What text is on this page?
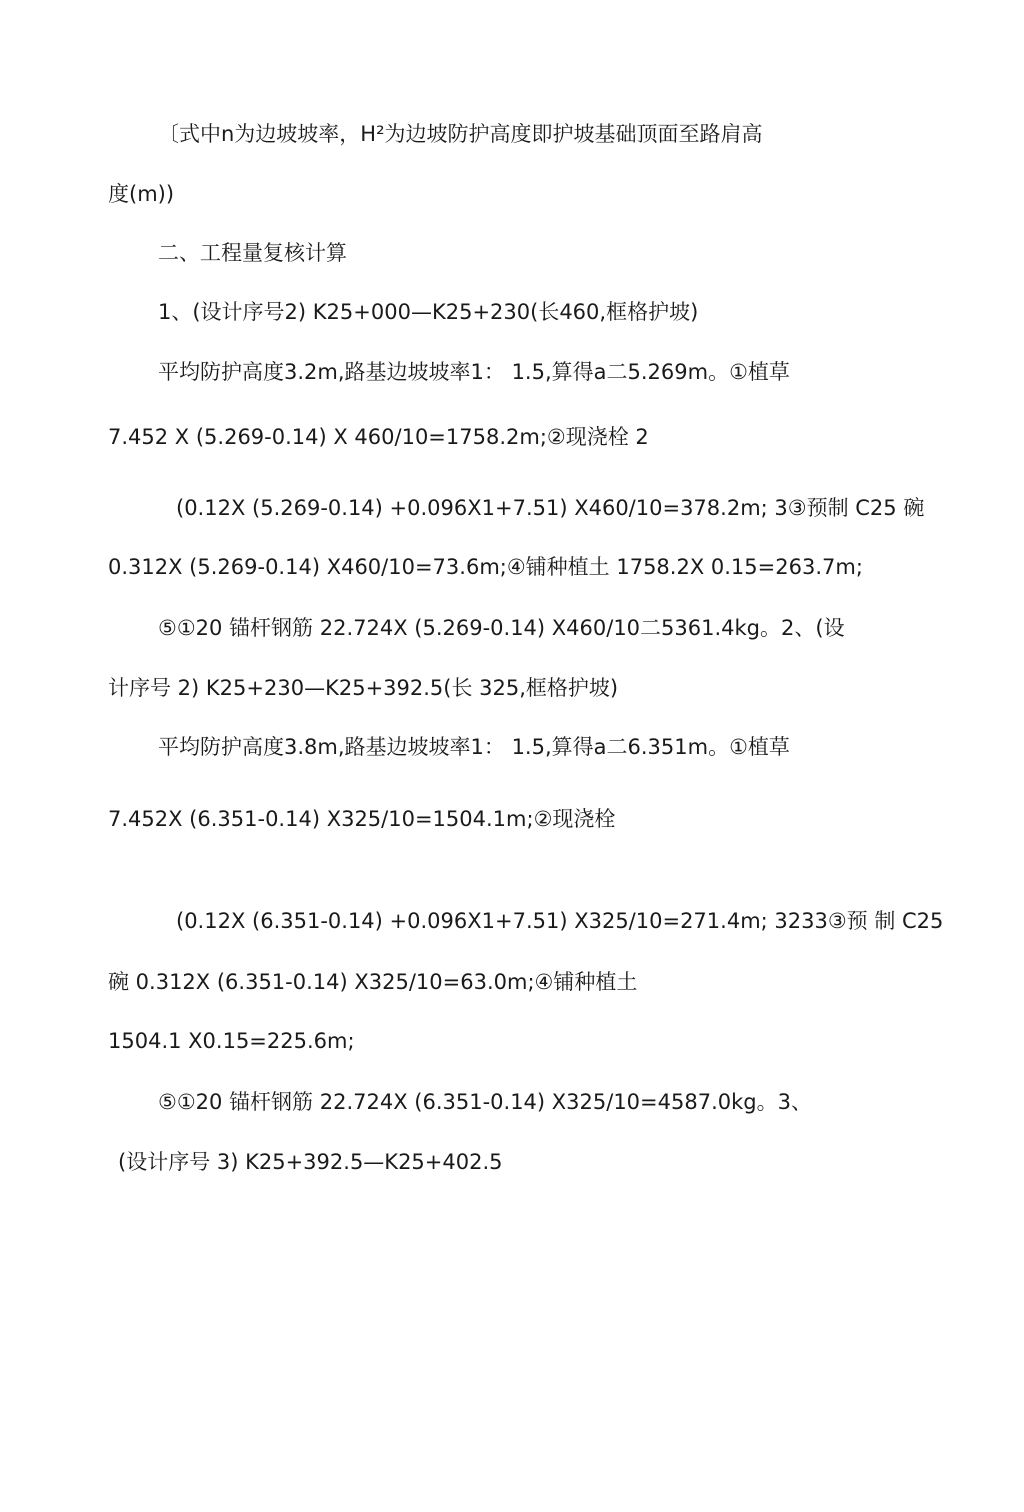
〔式中n为边坡坡率，H²为边坡防护高度即护坡基础顶面至路肩高
度(m))
二、工程量复核计算
1、(设计序号2) K25+000—K25+230(长460,框格护坡)
平均防护高度3.2m,路基边坡坡率1： 1.5,算得a二5.269m。①植草
7.452 X (5.269-0.14) X 460/10=1758.2m;②现浇栓 2
(0.12X (5.269-0.14) +0.096X1+7.51) X460/10=378.2m; 3③预制 C25 碗
0.312X (5.269-0.14) X460/10=73.6m;④铺种植土 1758.2X 0.15=263.7m;
⑤①20 锚杆钢筋 22.724X (5.269-0.14) X460/10二5361.4kg。2、(设
计序号 2) K25+230—K25+392.5(长 325,框格护坡)
平均防护高度3.8m,路基边坡坡率1： 1.5,算得a二6.351m。①植草
7.452X (6.351-0.14) X325/10=1504.1m;②现浇栓
(0.12X (6.351-0.14) +0.096X1+7.51) X325/10=271.4m; 3233③预 制 C25
碗 0.312X (6.351-0.14) X325/10=63.0m;④铺种植土
1504.1 X0.15=225.6m;
⑤①20 锚杆钢筋 22.724X (6.351-0.14) X325/10=4587.0kg。3、
(设计序号 3) K25+392.5—K25+402.5
